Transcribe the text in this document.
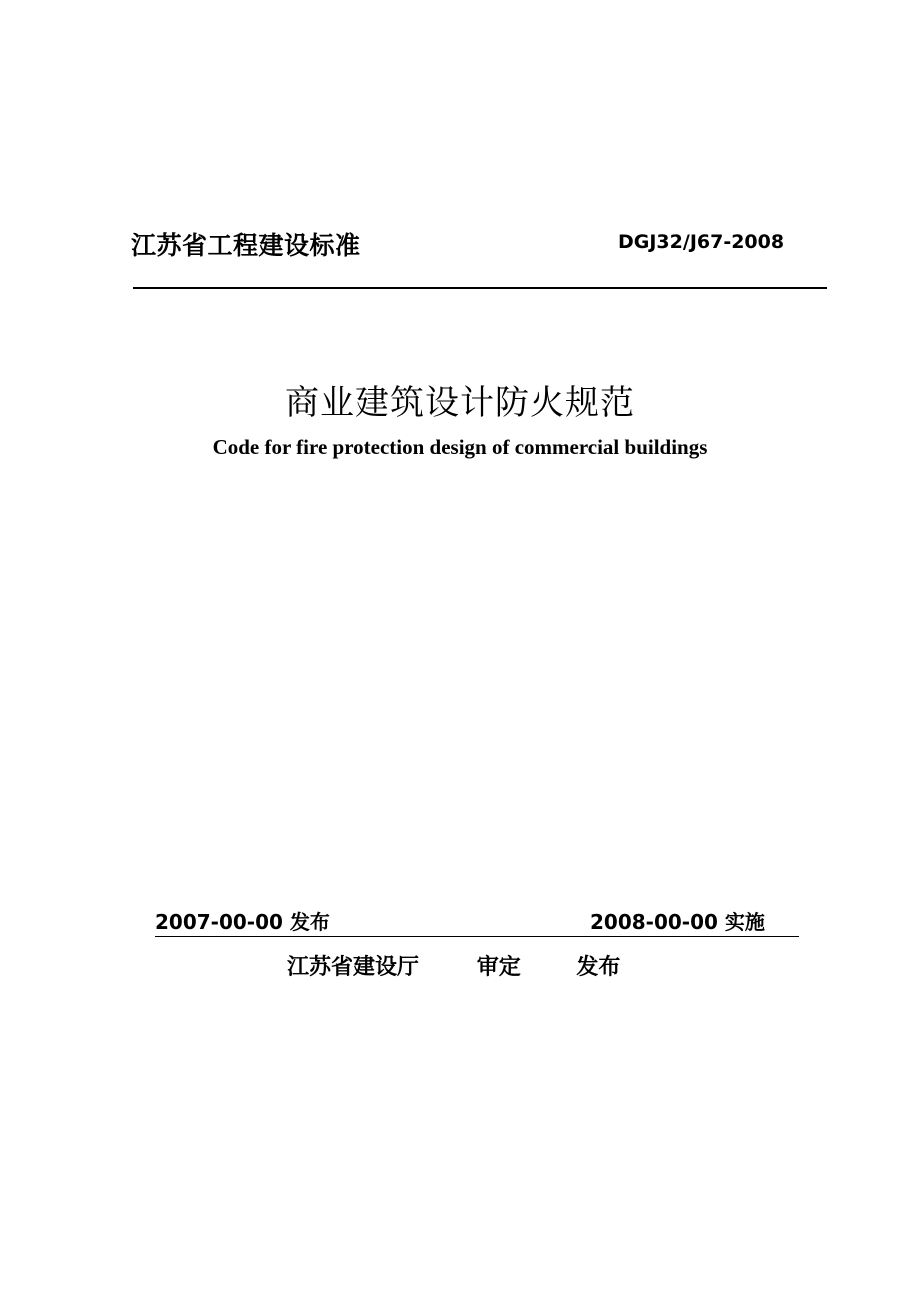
江苏省工程建设标准	DGJ32/J67-2008
商业建筑设计防火规范
Code for fire protection design of commercial buildings
2007-00-00 发布	2008-00-00 实施
江苏省建设厅	审定	发布
